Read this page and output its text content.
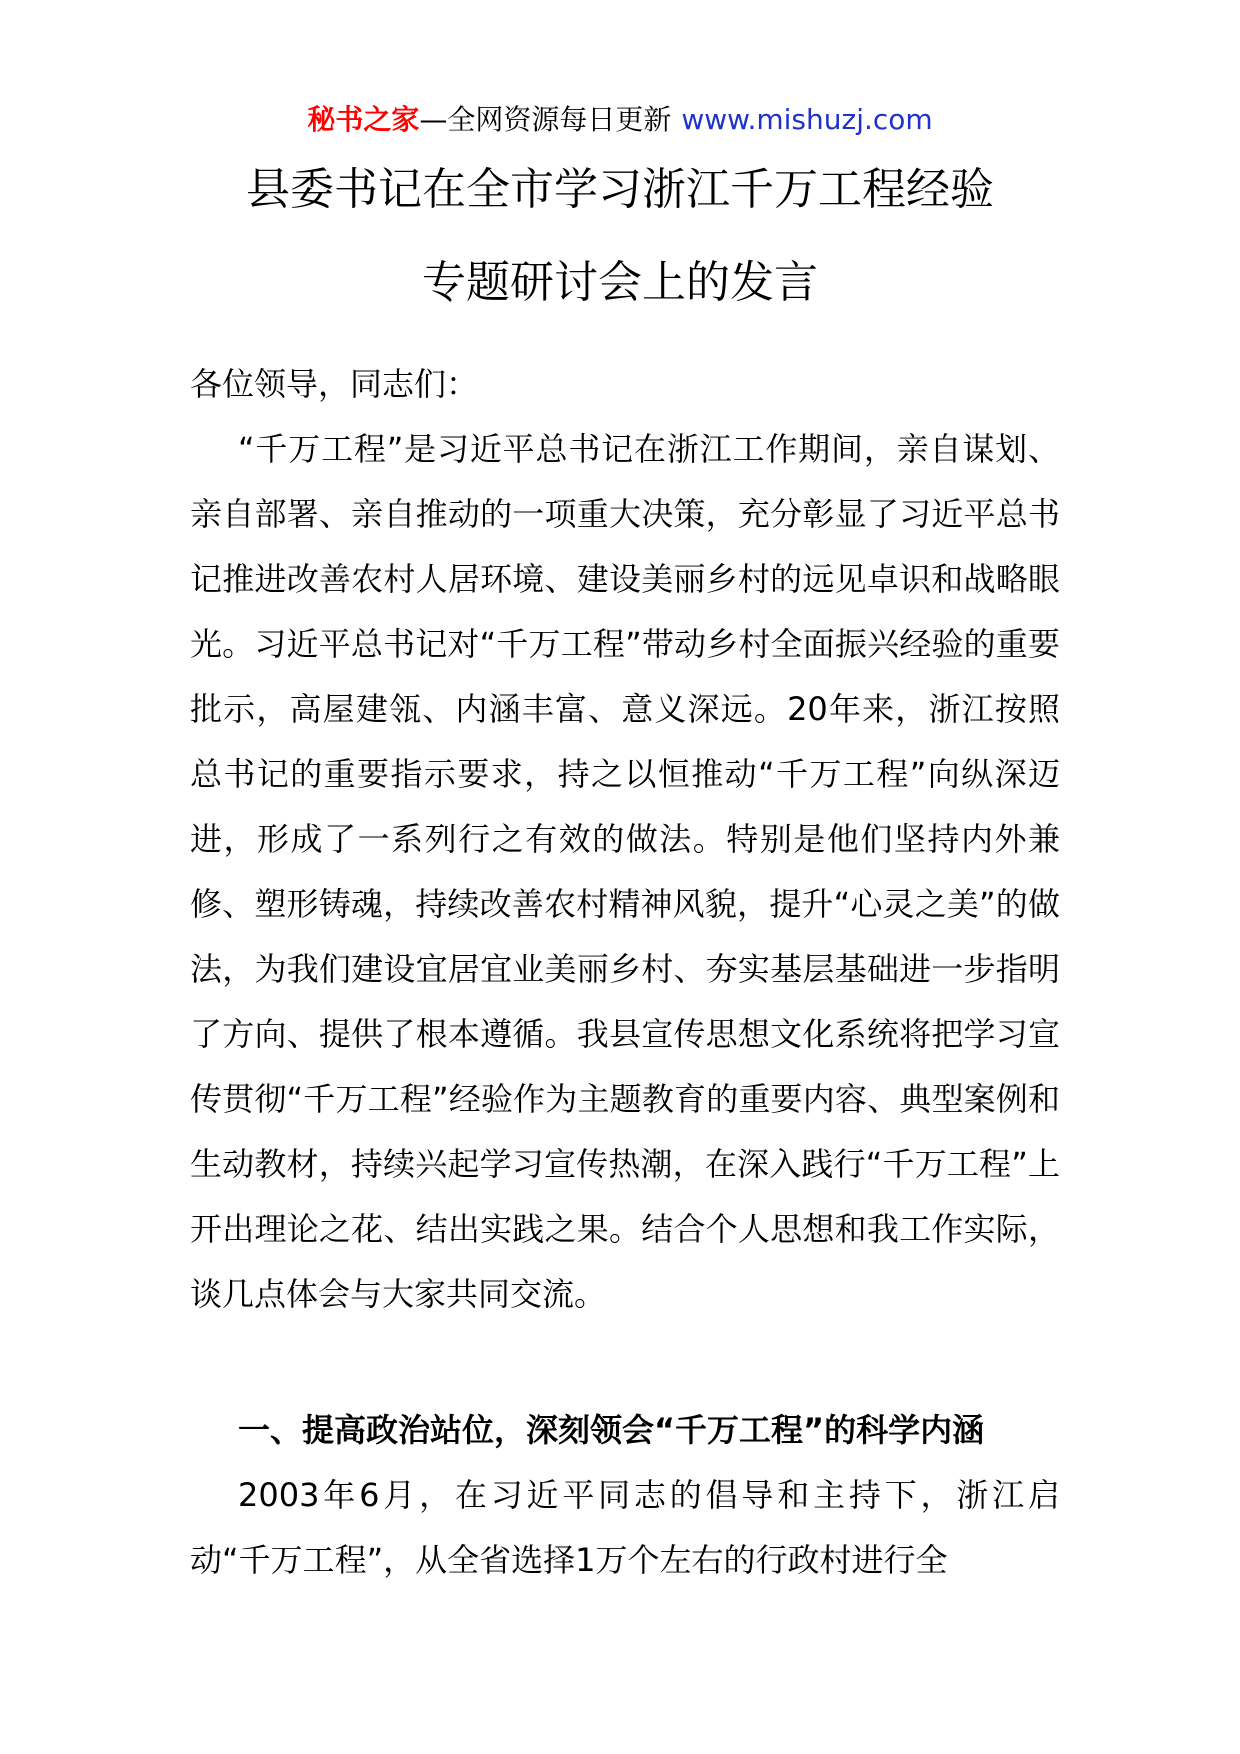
秘书之家—全网资源每日更新 www.mishuzj.com
县委书记在全市学习浙江千万工程经验
专题研讨会上的发言

各位领导，同志们：

“千万工程”是习近平总书记在浙江工作期间，亲自谋划、亲自部署、亲自推动的一项重大决策，充分彰显了习近平总书记推进改善农村人居环境、建设美丽乡村的远见卓识和战略眼光。习近平总书记对“千万工程”带动乡村全面振兴经验的重要批示，高屋建瓴、内涵丰富、意义深远。20年来，浙江按照总书记的重要指示要求，持之以恒推动“千万工程”向纵深迈进，形成了一系列行之有效的做法。特别是他们坚持内外兼修、塑形铸魂，持续改善农村精神风貌，提升“心灵之美”的做法，为我们建设宜居宜业美丽乡村、夯实基层基础进一步指明了方向、提供了根本遵循。我县宣传思想文化系统将把学习宣传贯彻“千万工程”经验作为主题教育的重要内容、典型案例和生动教材，持续兴起学习宣传热潮，在深入践行“千万工程”上开出理论之花、结出实践之果。结合个人思想和我工作实际，谈几点体会与大家共同交流。

一、提高政治站位，深刻领会“千万工程”的科学内涵

2003年6月，在习近平同志的倡导和主持下，浙江启动“千万工程”，从全省选择1万个左右的行政村进行全
